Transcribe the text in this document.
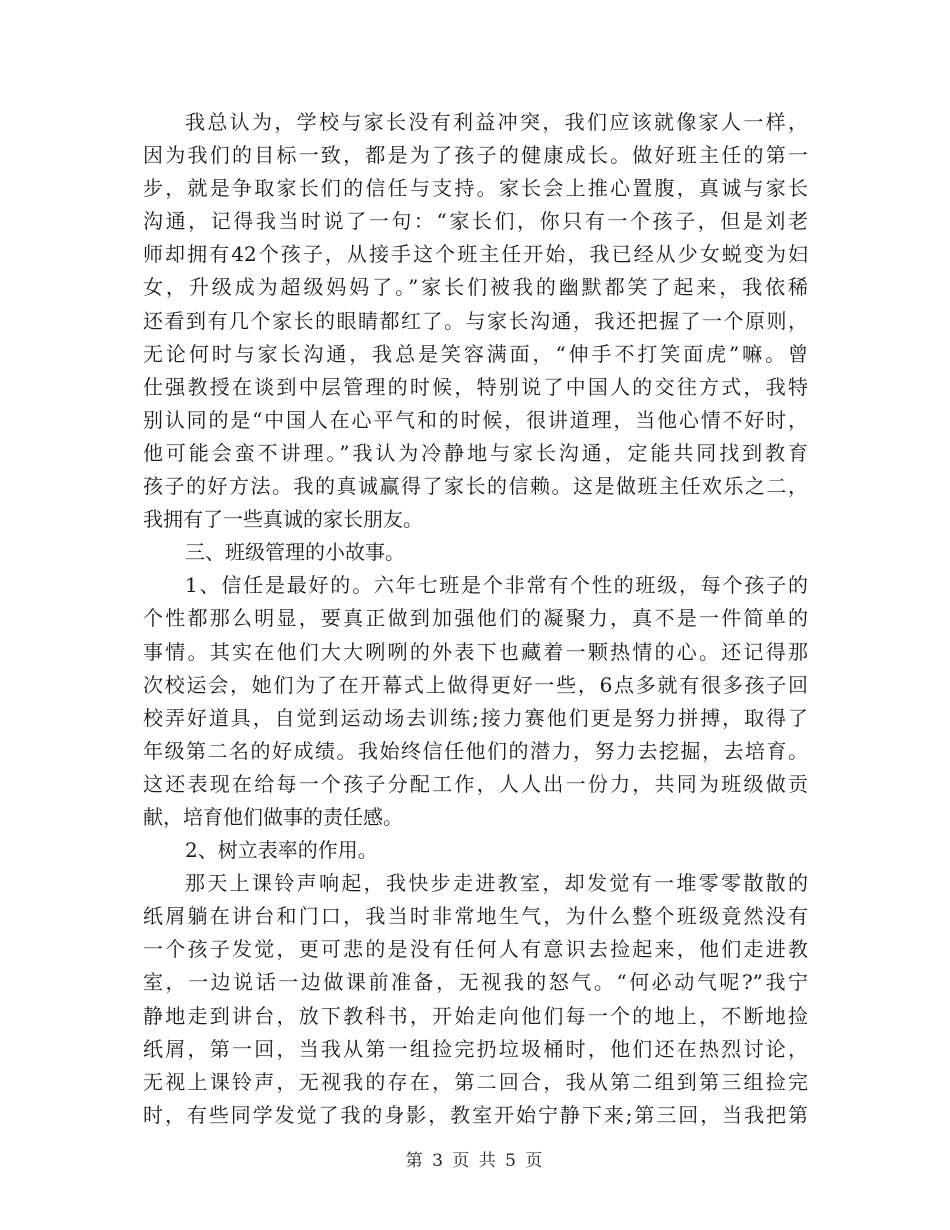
我总认为，学校与家长没有利益冲突，我们应该就像家人一样，
因为我们的目标一致，都是为了孩子的健康成长。做好班主任的第一
步，就是争取家长们的信任与支持。家长会上推心置腹，真诚与家长
沟通，记得我当时说了一句：“家长们，你只有一个孩子，但是刘老
师却拥有42个孩子，从接手这个班主任开始，我已经从少女蜕变为妇
女，升级成为超级妈妈了。”家长们被我的幽默都笑了起来，我依稀
还看到有几个家长的眼睛都红了。与家长沟通，我还把握了一个原则，
无论何时与家长沟通，我总是笑容满面，“伸手不打笑面虎”嘛。曾
仕强教授在谈到中层管理的时候，特别说了中国人的交往方式，我特
别认同的是“中国人在心平气和的时候，很讲道理，当他心情不好时，
他可能会蛮不讲理。”我认为冷静地与家长沟通，定能共同找到教育
孩子的好方法。我的真诚赢得了家长的信赖。这是做班主任欢乐之二，
我拥有了一些真诚的家长朋友。
三、班级管理的小故事。
1、信任是最好的。六年七班是个非常有个性的班级，每个孩子的
个性都那么明显，要真正做到加强他们的凝聚力，真不是一件简单的
事情。其实在他们大大咧咧的外表下也藏着一颗热情的心。还记得那
次校运会，她们为了在开幕式上做得更好一些，6点多就有很多孩子回
校弄好道具，自觉到运动场去训练;接力赛他们更是努力拼搏，取得了
年级第二名的好成绩。我始终信任他们的潜力，努力去挖掘，去培育。
这还表现在给每一个孩子分配工作，人人出一份力，共同为班级做贡
献，培育他们做事的责任感。
2、树立表率的作用。
那天上课铃声响起，我快步走进教室，却发觉有一堆零零散散的
纸屑躺在讲台和门口，我当时非常地生气，为什么整个班级竟然没有
一个孩子发觉，更可悲的是没有任何人有意识去捡起来，他们走进教
室，一边说话一边做课前准备，无视我的怒气。“何必动气呢?”我宁
静地走到讲台，放下教科书，开始走向他们每一个的地上，不断地捡
纸屑，第一回，当我从第一组捡完扔垃圾桶时，他们还在热烈讨论，
无视上课铃声，无视我的存在，第二回合，我从第二组到第三组捡完
时，有些同学发觉了我的身影，教室开始宁静下来;第三回，当我把第
第 3 页 共 5 页
